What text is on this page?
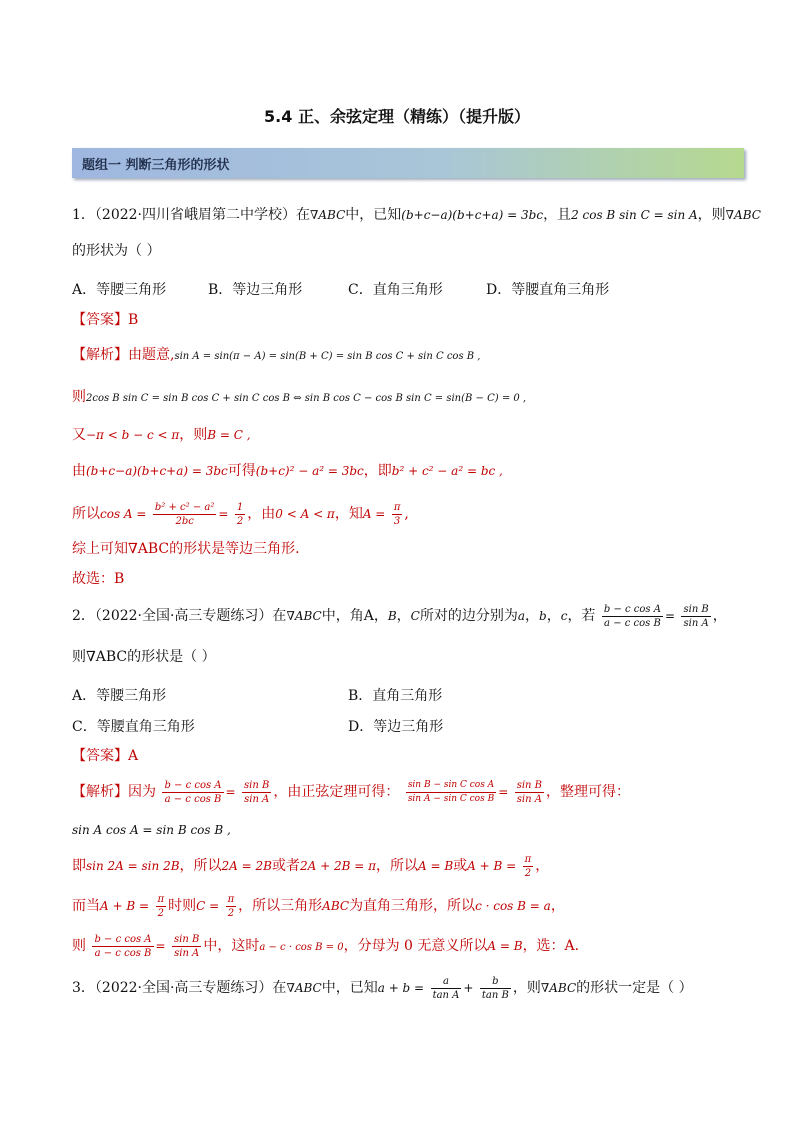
5.4 正、余弦定理（精练）（提升版）
题组一 判断三角形的形状
1．（2022·四川省峨眉第二中学校）在∇ABC中，已知(b+c−a)(b+c+a) = 3bc，且2 cos B sin C = sin A，则∇ABC
的形状为（ ）
A．等腰三角形	B．等边三角形	C．直角三角形	D．等腰直角三角形
【答案】B
【解析】由题意,sin A = sin(π − A) = sin(B + C) = sin B cos C + sin C cos B ,
则2cos B sin C = sin B cos C + sin C cos B ⇔ sin B cos C − cos B sin C = sin(B − C) = 0 ,
又−π < b − c < π，则B = C ,
由(b+c−a)(b+c+a) = 3bc可得(b+c)² − a² = 3bc，即b² + c² − a² = bc ,
所以$\cos A = \frac{\text{b² + c² − a²}}{2bc} = \frac{1}{2}$ ，由0 < A < π，知$A = \frac{\pi}{3}$ ,
综上可知∇ABC的形状是等边三角形.
故选：B
2．（2022·全国·高三专题练习）在∇ABC中，角A，B，C所对的边分别为a，b，c，若 $\frac{\text{b − c cos A}}{\text{a − c cos B}} = \frac{\text{sin B}}{\text{sin A}}$ ，
则∇ABC的形状是（ ）
A．等腰三角形	B．直角三角形
C．等腰直角三角形	D．等边三角形
【答案】A
【解析】因为 $\frac{\text{b − c cos A}}{\text{a − c cos B}} = \frac{\text{sin B}}{\text{sin A}}$ ，由正弦定理可得： $\frac{\text{sin B − sin C cos A}}{\text{sin A − sin C cos B}} = \frac{\text{sin B}}{\text{sin A}}$ ，整理可得：
sin A cos A = sin B cos B ,
即sin 2A = sin 2B，所以2A = 2B或者2A + 2B = π，所以A = B或$A + B = \frac{\pi}{2}$ ，
而当$A + B = \frac{\pi}{2}$ 时则$C = \frac{\pi}{2}$ ，所以三角形ABC为直角三角形，所以c · cos B = a，
则 $\frac{\text{b − c cos A}}{\text{a − c cos B}} = \frac{\text{sin B}}{\text{sin A}}$ 中，这时a − c · cos B = 0，分母为 0 无意义所以A = B，选：A.
3．（2022·全国·高三专题练习）在∇ABC中，已知$a + b = \frac{a}{\text{tan A}} + \frac{b}{\text{tan B}}$ ，则∇ABC的形状一定是（ ）
